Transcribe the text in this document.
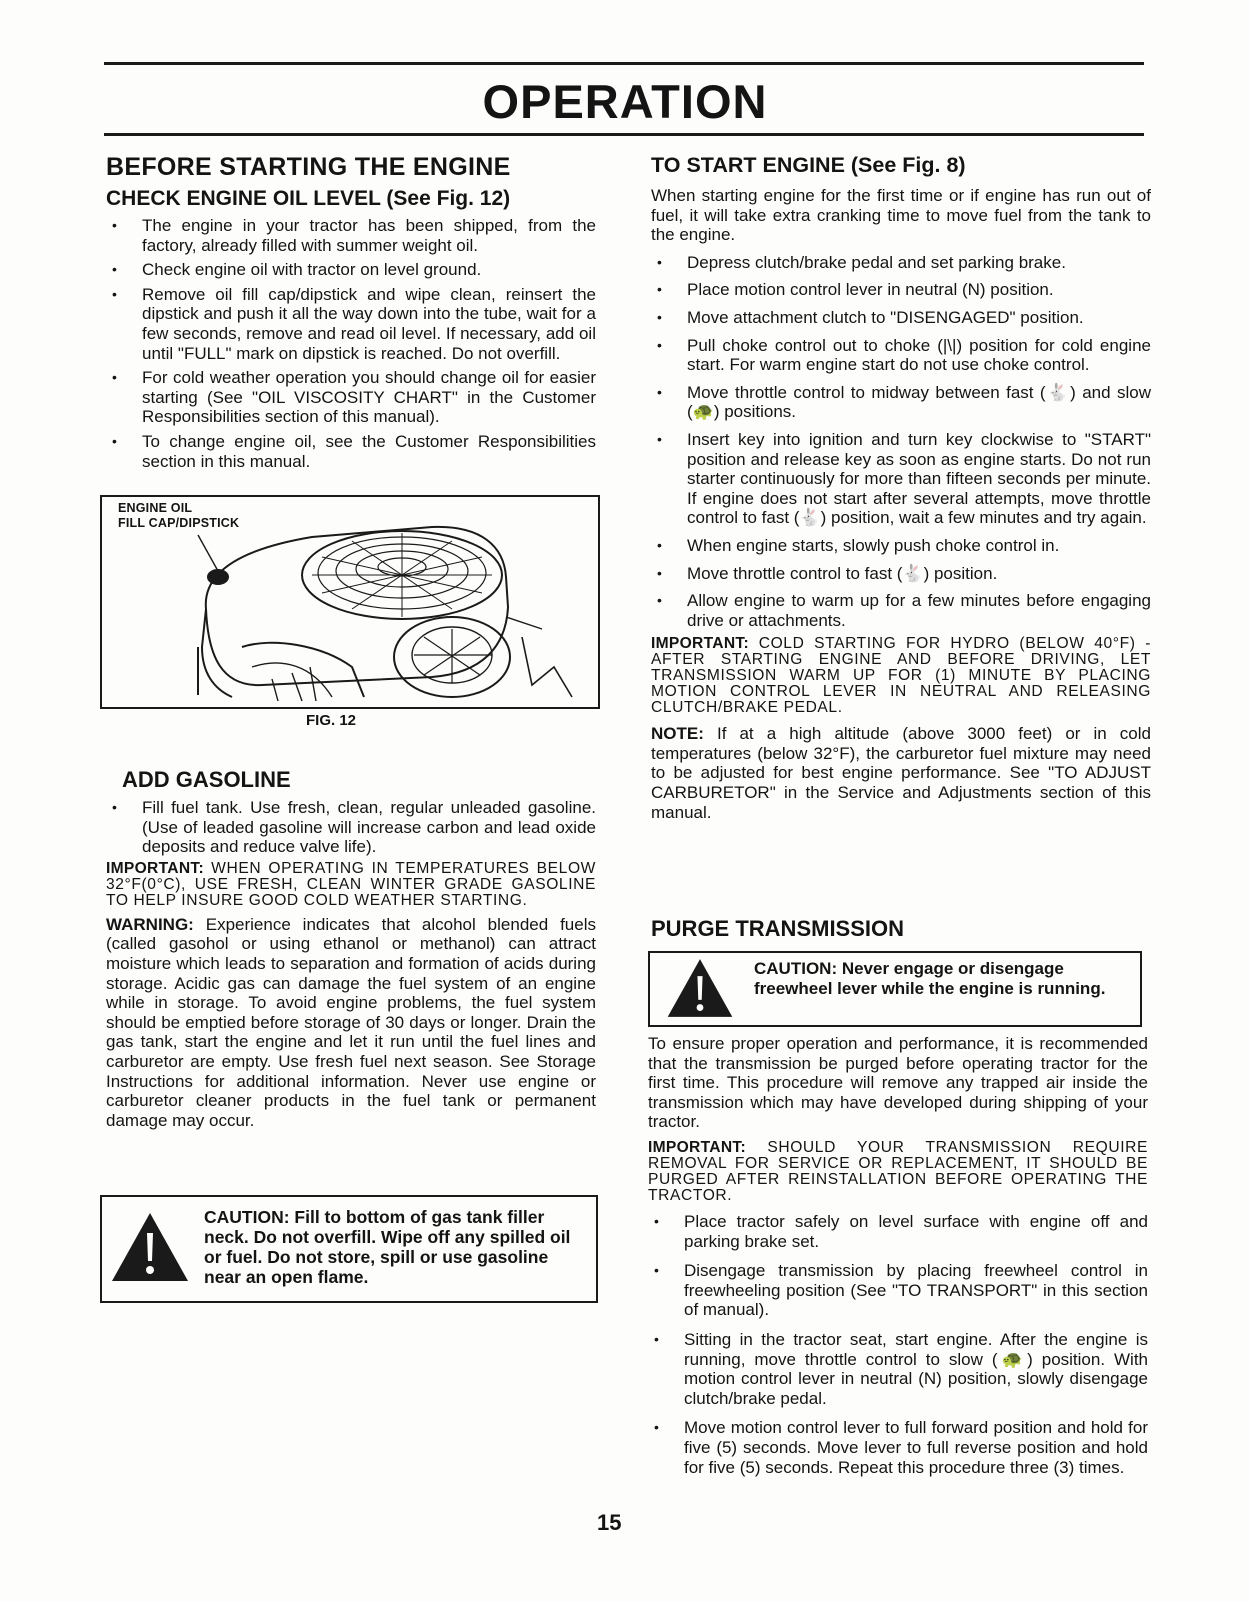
OPERATION
BEFORE STARTING THE ENGINE
CHECK ENGINE OIL LEVEL (See Fig. 12)
• The engine in your tractor has been shipped, from the factory, already filled with summer weight oil.
• Check engine oil with tractor on level ground.
• Remove oil fill cap/dipstick and wipe clean, reinsert the dipstick and push it all the way down into the tube, wait for a few seconds, remove and read oil level. If necessary, add oil until "FULL" mark on dipstick is reached. Do not overfill.
• For cold weather operation you should change oil for easier starting (See "OIL VISCOSITY CHART" in the Customer Responsibilities section of this manual).
• To change engine oil, see the Customer Responsibilities section in this manual.
ENGINE OIL
FILL CAP/DIPSTICK
FIG. 12
ADD GASOLINE
• Fill fuel tank. Use fresh, clean, regular unleaded gasoline. (Use of leaded gasoline will increase carbon and lead oxide deposits and reduce valve life).

IMPORTANT: WHEN OPERATING IN TEMPERATURES BELOW 32°F(0°C), USE FRESH, CLEAN WINTER GRADE GASOLINE TO HELP INSURE GOOD COLD WEATHER STARTING.

WARNING: Experience indicates that alcohol blended fuels (called gasohol or using ethanol or methanol) can attract moisture which leads to separation and formation of acids during storage. Acidic gas can damage the fuel system of an engine while in storage. To avoid engine problems, the fuel system should be emptied before storage of 30 days or longer. Drain the gas tank, start the engine and let it run until the fuel lines and carburetor are empty. Use fresh fuel next season. See Storage Instructions for additional information. Never use engine or carburetor cleaner products in the fuel tank or permanent damage may occur.

CAUTION: Fill to bottom of gas tank filler neck. Do not overfill. Wipe off any spilled oil or fuel. Do not store, spill or use gasoline near an open flame.
TO START ENGINE (See Fig. 8)

When starting engine for the first time or if engine has run out of fuel, it will take extra cranking time to move fuel from the tank to the engine.

• Depress clutch/brake pedal and set parking brake.
• Place motion control lever in neutral (N) position.
• Move attachment clutch to "DISENGAGED" position.
• Pull choke control out to choke (|\|) position for cold engine start. For warm engine start do not use choke control.
• Move throttle control to midway between fast (🐇) and slow (🐢) positions.
• Insert key into ignition and turn key clockwise to "START" position and release key as soon as engine starts. Do not run starter continuously for more than fifteen seconds per minute. If engine does not start after several attempts, move throttle control to fast (🐇) position, wait a few minutes and try again.
• When engine starts, slowly push choke control in.
• Move throttle control to fast (🐇) position.
• Allow engine to warm up for a few minutes before engaging drive or attachments.

IMPORTANT: COLD STARTING FOR HYDRO (BELOW 40°F) - AFTER STARTING ENGINE AND BEFORE DRIVING, LET TRANSMISSION WARM UP FOR (1) MINUTE BY PLACING MOTION CONTROL LEVER IN NEUTRAL AND RELEASING CLUTCH/BRAKE PEDAL.

NOTE: If at a high altitude (above 3000 feet) or in cold temperatures (below 32°F), the carburetor fuel mixture may need to be adjusted for best engine performance. See "TO ADJUST CARBURETOR" in the Service and Adjustments section of this manual.

PURGE TRANSMISSION
CAUTION: Never engage or disengage freewheel lever while the engine is running.

To ensure proper operation and performance, it is recommended that the transmission be purged before operating tractor for the first time. This procedure will remove any trapped air inside the transmission which may have developed during shipping of your tractor.

IMPORTANT: SHOULD YOUR TRANSMISSION REQUIRE REMOVAL FOR SERVICE OR REPLACEMENT, IT SHOULD BE PURGED AFTER REINSTALLATION BEFORE OPERATING THE TRACTOR.

• Place tractor safely on level surface with engine off and parking brake set.
• Disengage transmission by placing freewheel control in freewheeling position (See "TO TRANSPORT" in this section of manual).
• Sitting in the tractor seat, start engine. After the engine is running, move throttle control to slow (🐢) position. With motion control lever in neutral (N) position, slowly disengage clutch/brake pedal.
• Move motion control lever to full forward position and hold for five (5) seconds. Move lever to full reverse position and hold for five (5) seconds. Repeat this procedure three (3) times.
15
